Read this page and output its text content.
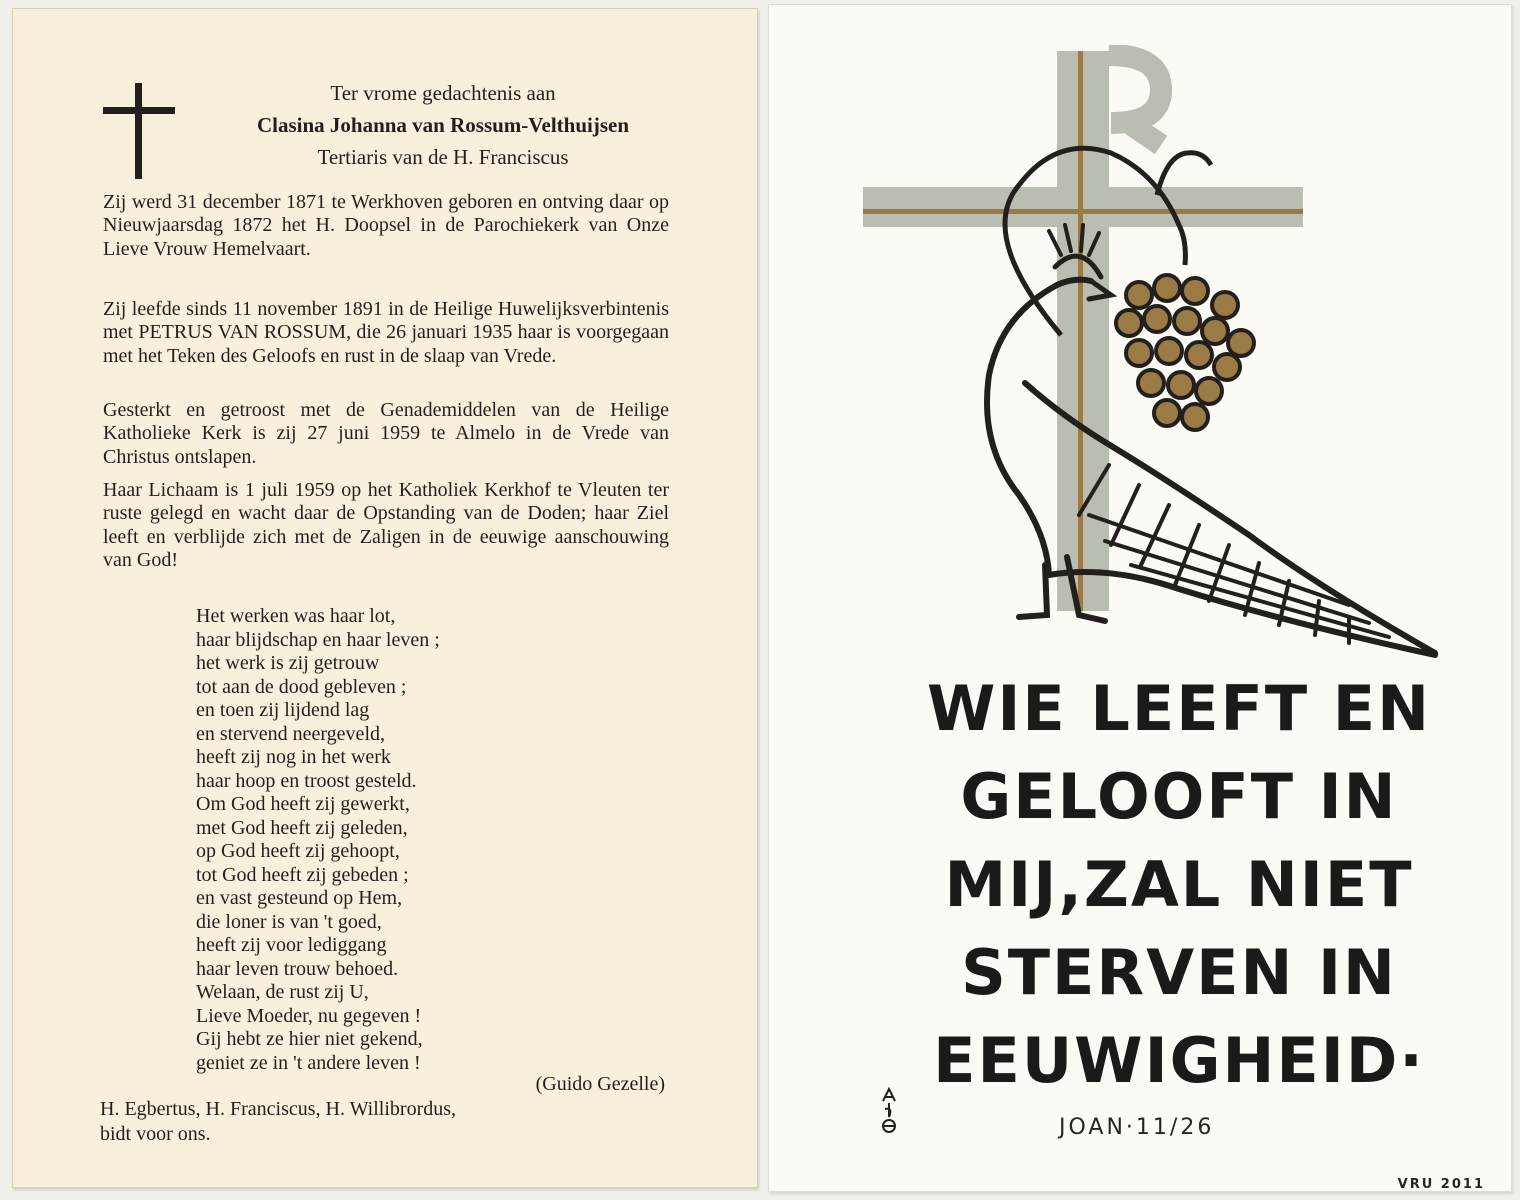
Ter vrome gedachtenis aan
Clasina Johanna van Rossum-Velthuijsen
Tertiaris van de H. Franciscus
Zij werd 31 december 1871 te Werkhoven geboren en ontving daar op Nieuwjaarsdag 1872 het H. Doopsel in de Parochiekerk van Onze Lieve Vrouw Hemelvaart.
Zij leefde sinds 11 november 1891 in de Heilige Huwelijksverbintenis met PETRUS VAN ROSSUM, die 26 januari 1935 haar is voorgegaan met het Teken des Geloofs en rust in de slaap van Vrede.
Gesterkt en getroost met de Genademiddelen van de Heilige Katholieke Kerk is zij 27 juni 1959 te Almelo in de Vrede van Christus ontslapen.
Haar Lichaam is 1 juli 1959 op het Katholiek Kerkhof te Vleuten ter ruste gelegd en wacht daar de Opstanding van de Doden; haar Ziel leeft en verblijde zich met de Zaligen in de eeuwige aanschouwing van God!
Het werken was haar lot,
haar blijdschap en haar leven ;
het werk is zij getrouw
tot aan de dood gebleven ;
en toen zij lijdend lag
en stervend neergeveld,
heeft zij nog in het werk
haar hoop en troost gesteld.
Om God heeft zij gewerkt,
met God heeft zij geleden,
op God heeft zij gehoopt,
tot God heeft zij gebeden ;
en vast gesteund op Hem,
die loner is van 't goed,
heeft zij voor lediggang
haar leven trouw behoed.
Welaan, de rust zij U,
Lieve Moeder, nu gegeven !
Gij hebt ze hier niet gekend,
geniet ze in 't andere leven !
(Guido Gezelle)
H. Egbertus, H. Franciscus, H. Willibrordus,
bidt voor ons.
WIE LEEFT EN
GELOOFT IN
MIJ,ZAL NIET
STERVEN IN
EEUWIGHEID·
JOAN·11/26
VRU 2011
